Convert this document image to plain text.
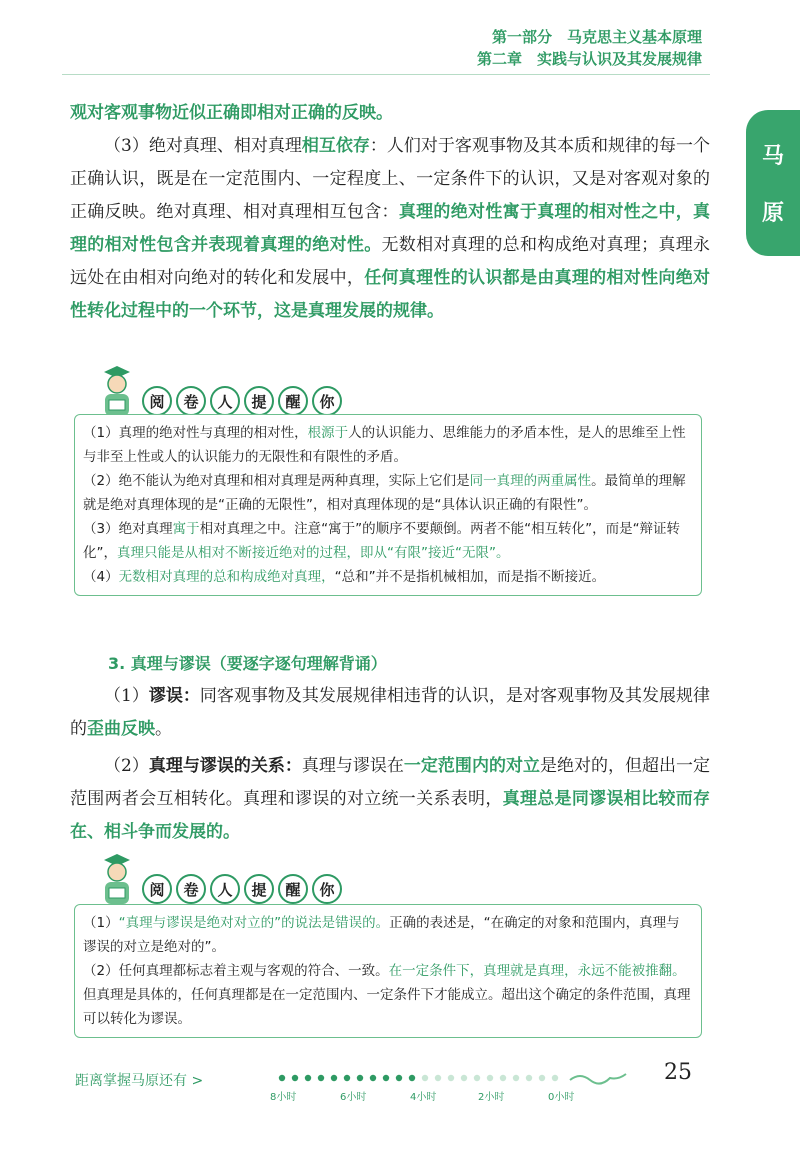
第一部分　马克思主义基本原理
第二章　实践与认识及其发展规律
马
原
观对客观事物近似正确即相对正确的反映。
（3）绝对真理、相对真理相互依存：人们对于客观事物及其本质和规律的每一个正确认识，既是在一定范围内、一定程度上、一定条件下的认识，又是对客观对象的正确反映。绝对真理、相对真理相互包含：真理的绝对性寓于真理的相对性之中，真理的相对性包含并表现着真理的绝对性。无数相对真理的总和构成绝对真理；真理永远处在由相对向绝对的转化和发展中，任何真理性的认识都是由真理的相对性向绝对性转化过程中的一个环节，这是真理发展的规律。
阅	卷	人	提	醒	你

（1）真理的绝对性与真理的相对性，根源于人的认识能力、思维能力的矛盾本性，是人的思维至上性与非至上性或人的认识能力的无限性和有限性的矛盾。

（2）绝不能认为绝对真理和相对真理是两种真理，实际上它们是同一真理的两重属性。最简单的理解就是绝对真理体现的是“正确的无限性”，相对真理体现的是“具体认识正确的有限性”。

（3）绝对真理寓于相对真理之中。注意“寓于”的顺序不要颠倒。两者不能“相互转化”，而是“辩证转化”，真理只能是从相对不断接近绝对的过程，即从“有限”接近“无限”。

（4）无数相对真理的总和构成绝对真理，“总和”并不是指机械相加，而是指不断接近。

3. 真理与谬误（要逐字逐句理解背诵）
（1）谬误：同客观事物及其发展规律相违背的认识，是对客观事物及其发展规律的歪曲反映。
（2）真理与谬误的关系：真理与谬误在一定范围内的对立是绝对的，但超出一定范围两者会互相转化。真理和谬误的对立统一关系表明，真理总是同谬误相比较而存在、相斗争而发展的。
阅	卷	人	提	醒	你

（1）“真理与谬误是绝对对立的”的说法是错误的。正确的表述是，“在确定的对象和范围内，真理与谬误的对立是绝对的”。

（2）任何真理都标志着主观与客观的符合、一致。在一定条件下，真理就是真理，永远不能被推翻。但真理是具体的，任何真理都是在一定范围内、一定条件下才能成立。超出这个确定的条件范围，真理可以转化为谬误。

距离掌握马原还有 >
8小时	6小时	4小时	2小时	0小时
25
